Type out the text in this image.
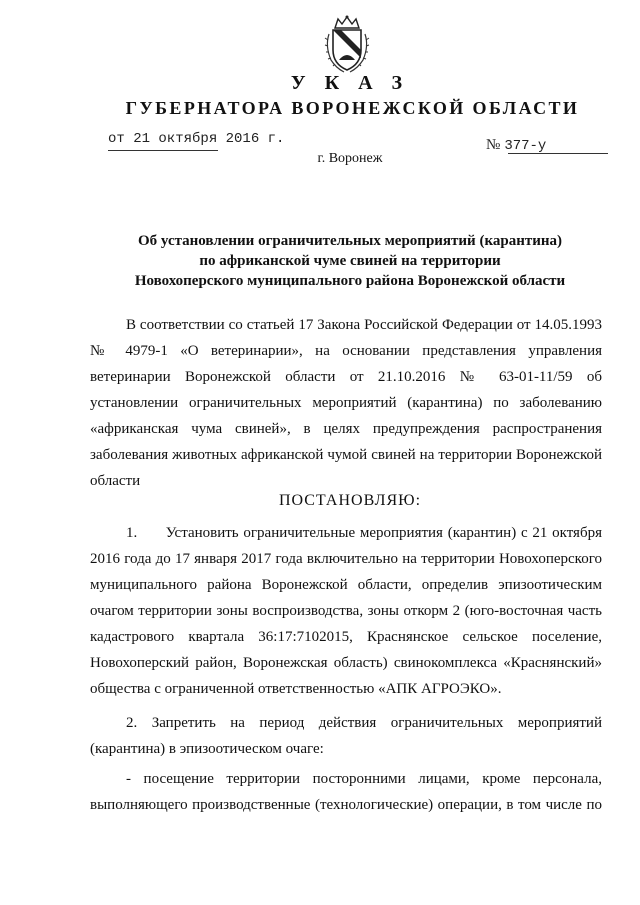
У К А З
ГУБЕРНАТОРА ВОРОНЕЖСКОЙ ОБЛАСТИ
от 21 октября 2016 г.	№ 377-у
г. Воронеж
Об установлении ограничительных мероприятий (карантина)
по африканской чуме свиней на территории
Новохоперского муниципального района Воронежской области
В соответствии со статьей 17 Закона Российской Федерации от 14.05.1993 № 4979-1 «О ветеринарии», на основании представления управления ветеринарии Воронежской области от 21.10.2016 № 63-01-11/59 об установлении ограничительных мероприятий (карантина) по заболеванию «африканская чума свиней», в целях предупреждения распространения заболевания животных африканской чумой свиней на территории Воронежской области
ПОСТАНОВЛЯЮ:
1.      Установить ограничительные мероприятия (карантин) с 21 октября 2016 года до 17 января 2017 года включительно на территории Новохоперского муниципального района Воронежской области, определив эпизоотическим очагом территории зоны воспроизводства, зоны откорм 2 (юго-восточная часть кадастрового квартала 36:17:7102015, Краснянское сельское поселение, Новохоперский район, Воронежская область) свинокомплекса «Краснянский» общества с ограниченной ответственностью «АПК АГРОЭКО».
2. Запретить на период действия ограничительных мероприятий (карантина) в эпизоотическом очаге:
- посещение территории посторонними лицами, кроме персонала, выполняющего производственные (технологические) операции, в том числе по
